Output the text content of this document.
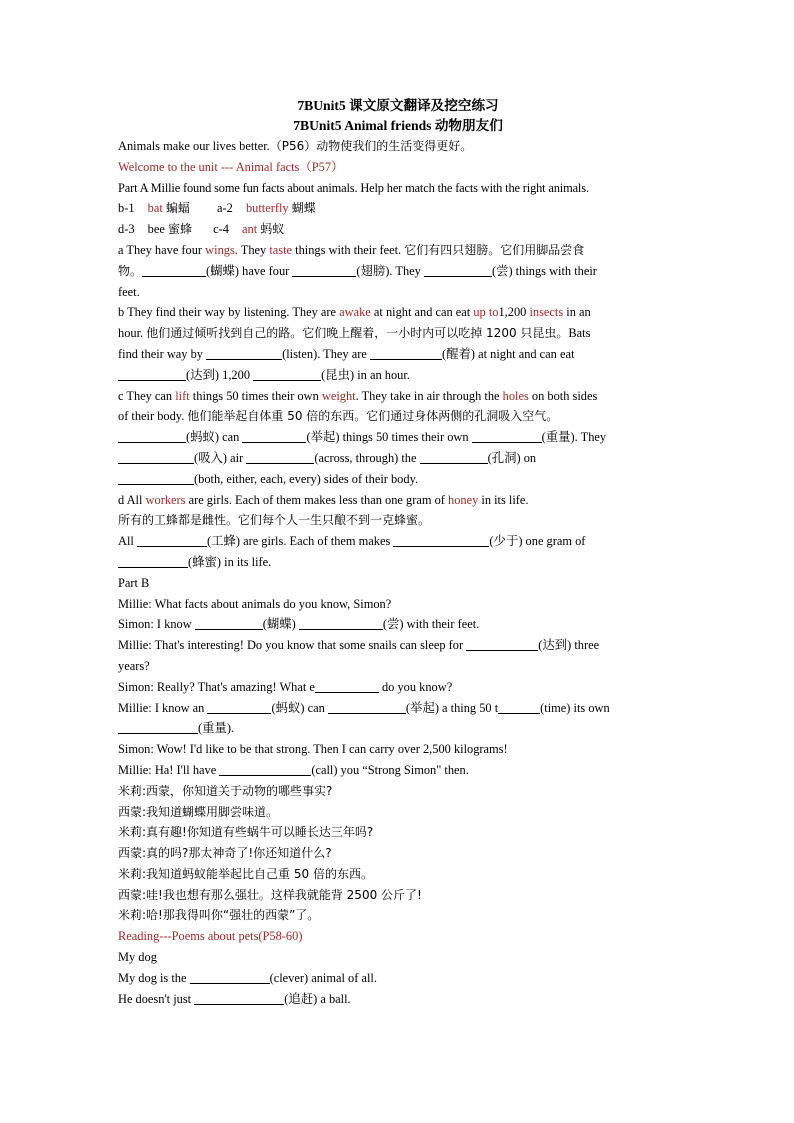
7BUnit5 课文原文翻译及挖空练习
7BUnit5 Animal friends 动物朋友们
Animals make our lives better.（P56）动物使我们的生活变得更好。
Welcome to the unit --- Animal facts（P57）
Part A Millie found some fun facts about animals. Help her match the facts with the right animals.
b-1 bat 蝙蝠 a-2 butterfly 蝴蝶
d-3 bee 蜜蜂 c-4 ant 蚂蚁
a They have four wings. They taste things with their feet. 它们有四只翅膀。它们用脚品尝食
物。	(蝴蝶) have four	(翅膀). They	(尝) things with their
feet.
b They find their way by listening. They are awake at night and can eat up to1,200 insects in an
hour. 他们通过倾听找到自己的路。它们晚上醒着，一小时内可以吃掉 1200 只昆虫。Bats
find their way by	(listen). They are	(醒着) at night and can eat
(达到) 1,200	(昆虫) in an hour.
c They can lift things 50 times their own weight. They take in air through the holes on both sides
of their body. 他们能举起自体重 50 倍的东西。它们通过身体两侧的孔洞吸入空气。
(蚂蚁) can	(举起) things 50 times their own	(重量). They
(吸入) air	(across, through) the	(孔洞) on
(both, either, each, every) sides of their body.
d All workers are girls. Each of them makes less than one gram of honey in its life.
所有的工蜂都是雌性。它们每个人一生只酿不到一克蜂蜜。
All	(工蜂) are girls. Each of them makes	(少于) one gram of
(蜂蜜) in its life.
Part B
Millie: What facts about animals do you know, Simon?
Simon: I know	(蝴蝶)	(尝) with their feet.
Millie: That's interesting! Do you know that some snails can sleep for	(达到) three
years?
Simon: Really? That's amazing! What e	do you know?
Millie: I know an	(蚂蚁) can	(举起) a thing 50 t	(time) its own
(重量).
Simon: Wow! I'd like to be that strong. Then I can carry over 2,500 kilograms!
Millie: Ha! I'll have	(call) you “Strong Simon" then.
米莉:西蒙，你知道关于动物的哪些事实?
西蒙:我知道蝴蝶用脚尝味道。
米莉:真有趣!你知道有些蜗牛可以睡长达三年吗?
西蒙:真的吗?那太神奇了!你还知道什么?
米莉:我知道蚂蚁能举起比自己重 50 倍的东西。
西蒙:哇!我也想有那么强壮。这样我就能背 2500 公斤了!
米莉:哈!那我得叫你“强壮的西蒙”了。
Reading---Poems about pets(P58-60)
My dog
My dog is the	(clever) animal of all.
He doesn't just	(追赶) a ball.
